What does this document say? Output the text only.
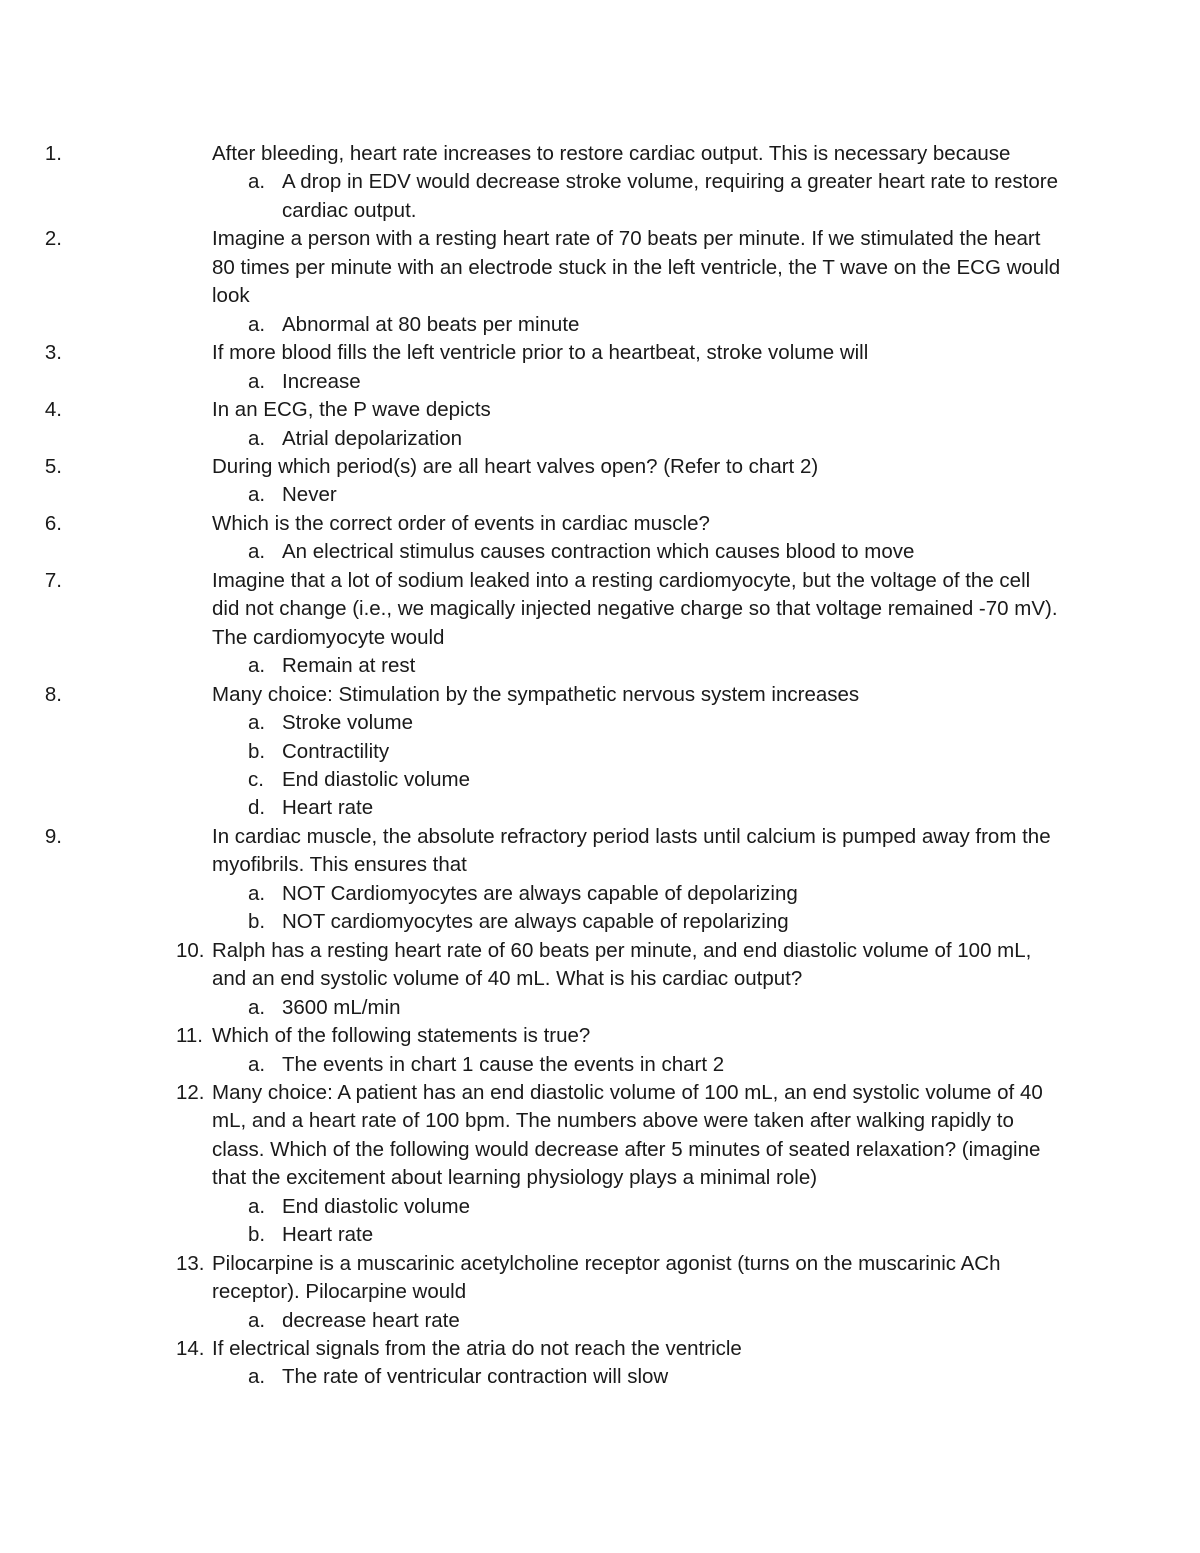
1.	After bleeding, heart rate increases to restore cardiac output. This is necessary because
a. A drop in EDV would decrease stroke volume, requiring a greater heart rate to restore cardiac output.
2.	Imagine a person with a resting heart rate of 70 beats per minute. If we stimulated the heart 80 times per minute with an electrode stuck in the left ventricle, the T wave on the ECG would look
a. Abnormal at 80 beats per minute
3.	If more blood fills the left ventricle prior to a heartbeat, stroke volume will
a. Increase
4.	In an ECG, the P wave depicts
a. Atrial depolarization
5.	During which period(s) are all heart valves open? (Refer to chart 2)
a. Never
6.	Which is the correct order of events in cardiac muscle?
a. An electrical stimulus causes contraction which causes blood to move
7.	Imagine that a lot of sodium leaked into a resting cardiomyocyte, but the voltage of the cell did not change (i.e., we magically injected negative charge so that voltage remained -70 mV). The cardiomyocyte would
a. Remain at rest
8.	Many choice: Stimulation by the sympathetic nervous system increases
a. Stroke volume
b. Contractility
c. End diastolic volume
d. Heart rate
9.	In cardiac muscle, the absolute refractory period lasts until calcium is pumped away from the myofibrils. This ensures that
a. NOT Cardiomyocytes are always capable of depolarizing
b. NOT cardiomyocytes are always capable of repolarizing
10. Ralph has a resting heart rate of 60 beats per minute, and end diastolic volume of 100 mL, and an end systolic volume of 40 mL. What is his cardiac output?
a. 3600 mL/min
11. Which of the following statements is true?
a. The events in chart 1 cause the events in chart 2
12. Many choice: A patient has an end diastolic volume of 100 mL, an end systolic volume of 40 mL, and a heart rate of 100 bpm. The numbers above were taken after walking rapidly to class. Which of the following would decrease after 5 minutes of seated relaxation? (imagine that the excitement about learning physiology plays a minimal role)
a. End diastolic volume
b. Heart rate
13. Pilocarpine is a muscarinic acetylcholine receptor agonist (turns on the muscarinic ACh receptor). Pilocarpine would
a. decrease heart rate
14. If electrical signals from the atria do not reach the ventricle
a. The rate of ventricular contraction will slow
